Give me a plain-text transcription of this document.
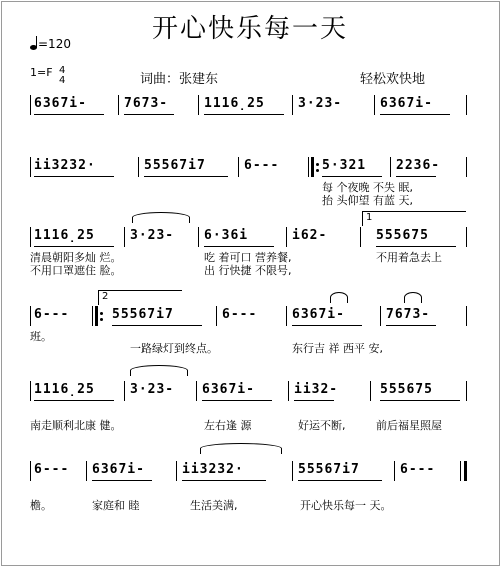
开心快乐每一天
=120
1=F 4
4	词曲：张建东	轻松欢快地
6367i-	7673-	1116̣25	3·23-	6367i-
iі3232·	55567i7	6---	5·321 2236-
每 个夜晚 不失 眠,
抬 头仰望 有蓝 天,
1
1116̣25	3·23- 6·36i	i62-	555675
清晨朝阳多灿 烂。
不用口罩遮住 脸。
吃 着可口 营养餐,
出 行快捷 不限号,
不用着急去上
2
6---	55567i7	6---	6367i-	7673-
班。
一路绿灯到终点。	东行吉 祥 西平 安,
1116̣25	3·23- 6367i-	ii32-	555675
南走顺利北康 健。	左右逢 源	好运不断,	前后福星照屋
6--- 6367i-	ii3232·	55567i7	6---
檐。	家庭和 睦	生活美满,	开心快乐每一 天。
